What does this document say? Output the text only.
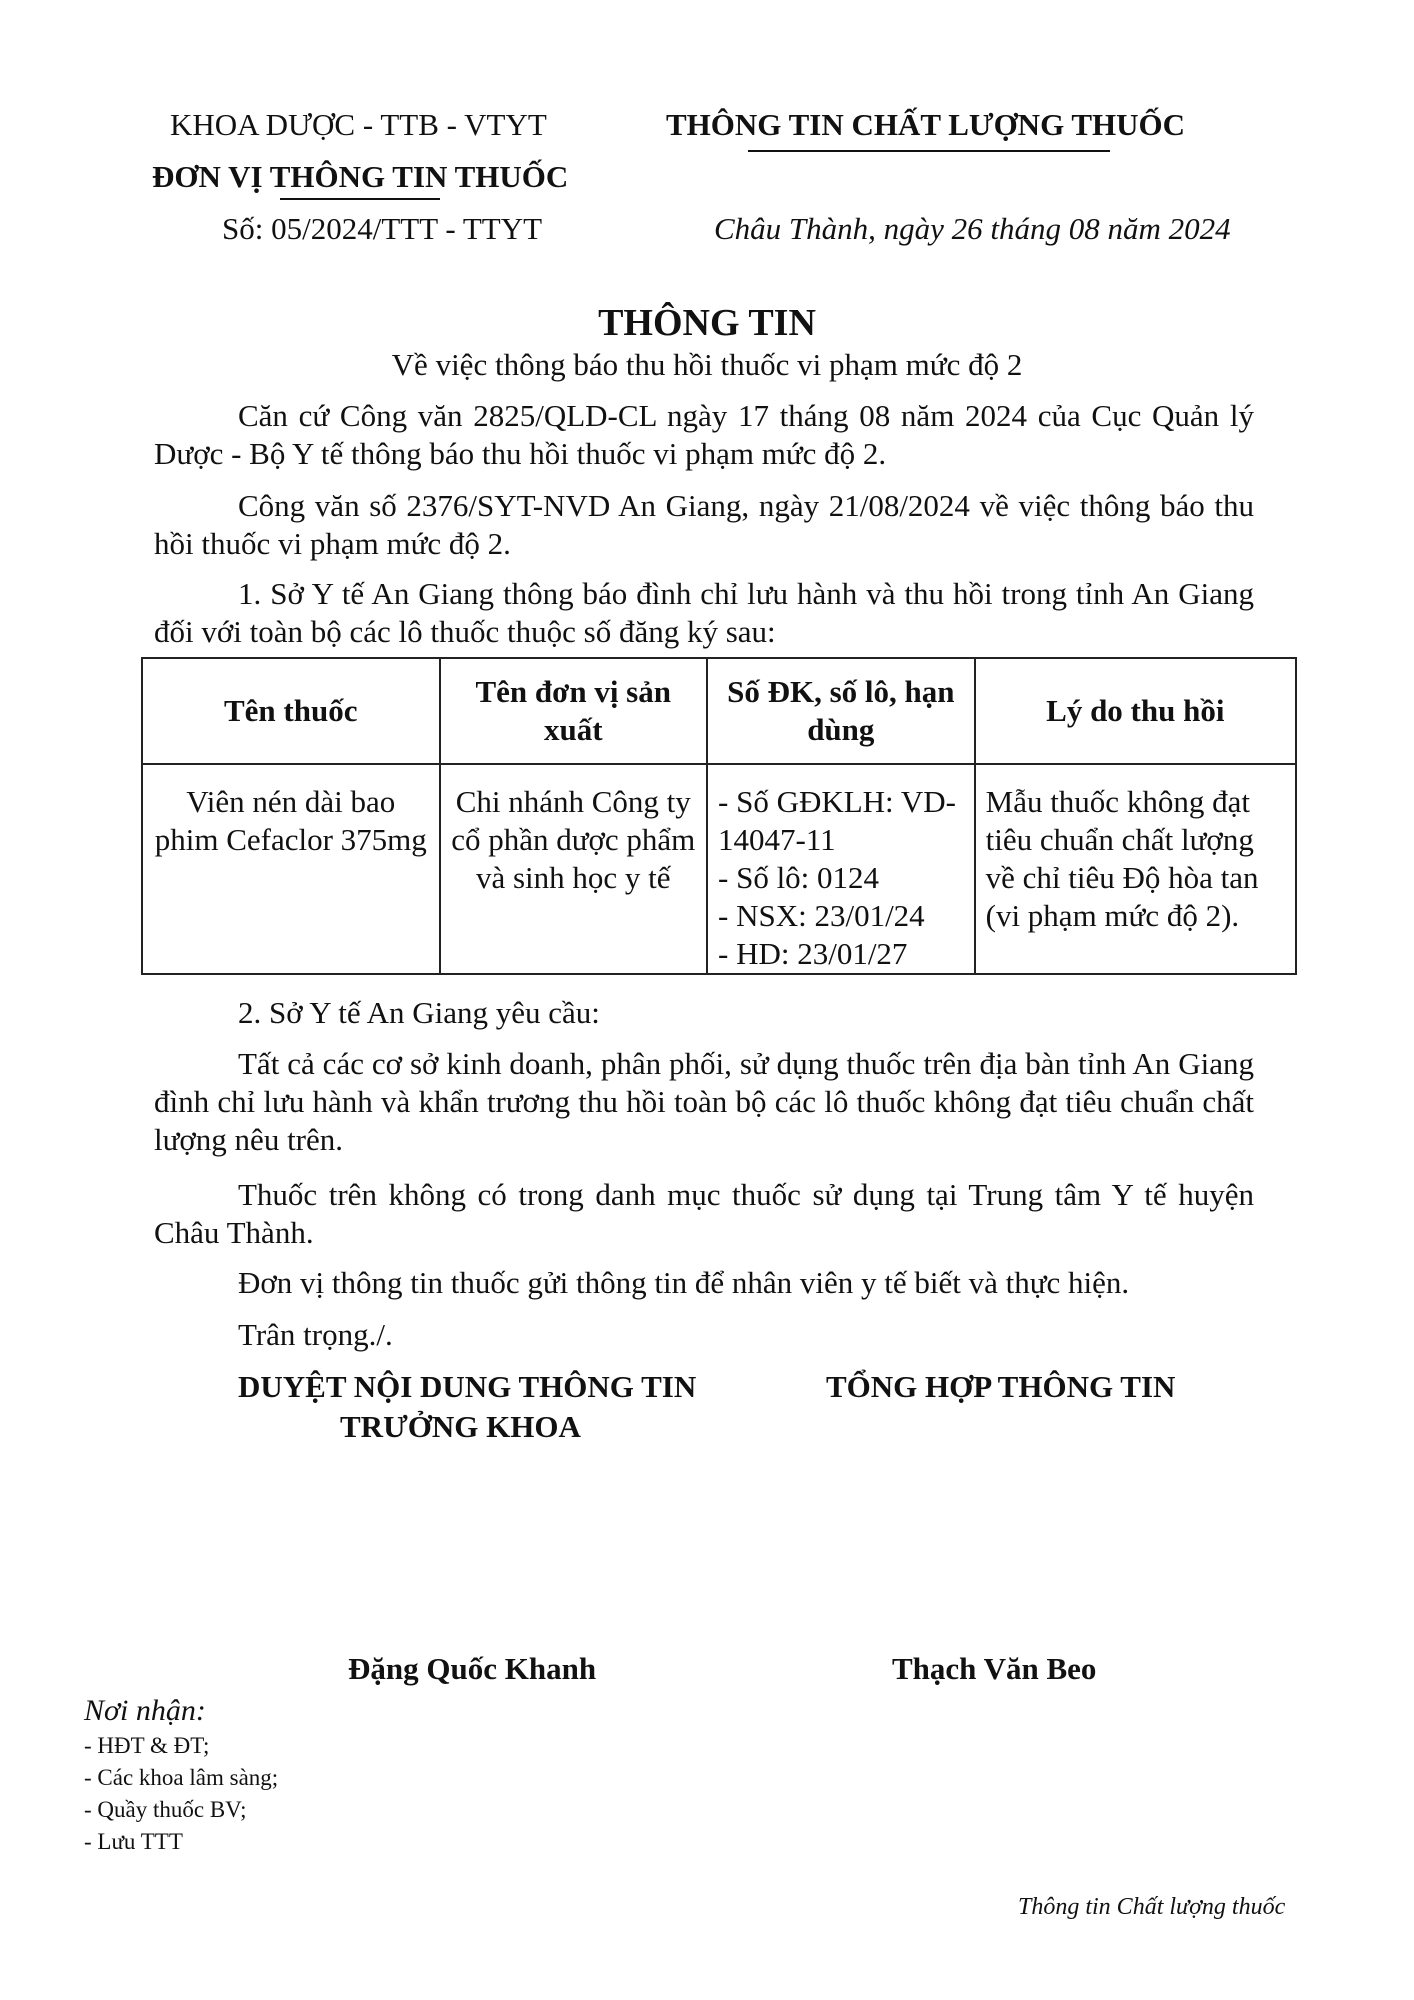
KHOA DƯỢC - TTB - VTYT
ĐƠN VỊ THÔNG TIN THUỐC
Số: 05/2024/TTT - TTYT
THÔNG TIN CHẤT LƯỢNG THUỐC
Châu Thành, ngày 26 tháng 08 năm 2024
THÔNG TIN
Về việc thông báo thu hồi thuốc vi phạm mức độ 2
Căn cứ Công văn 2825/QLD-CL ngày 17 tháng 08 năm 2024 của Cục Quản lý Dược - Bộ Y tế thông báo thu hồi thuốc vi phạm mức độ 2.
Công văn số 2376/SYT-NVD An Giang, ngày 21/08/2024 về việc thông báo thu hồi thuốc vi phạm mức độ 2.
1. Sở Y tế An Giang thông báo đình chỉ lưu hành và thu hồi trong tỉnh An Giang đối với toàn bộ các lô thuốc thuộc số đăng ký sau:
Tên thuốc	Tên đơn vị sản xuất	Số ĐK, số lô, hạn dùng	Lý do thu hồi
Viên nén dài bao phim Cefaclor 375mg	Chi nhánh Công ty cổ phần dược phẩm và sinh học y tế	- Số GĐKLH: VD-14047-11
- Số lô: 0124
- NSX: 23/01/24
- HD: 23/01/27	Mẫu thuốc không đạt tiêu chuẩn chất lượng về chỉ tiêu Độ hòa tan (vi phạm mức độ 2).
2. Sở Y tế An Giang yêu cầu:
Tất cả các cơ sở kinh doanh, phân phối, sử dụng thuốc trên địa bàn tỉnh An Giang đình chỉ lưu hành và khẩn trương thu hồi toàn bộ các lô thuốc không đạt tiêu chuẩn chất lượng nêu trên.
Thuốc trên không có trong danh mục thuốc sử dụng tại Trung tâm Y tế huyện Châu Thành.
Đơn vị thông tin thuốc gửi thông tin để nhân viên y tế biết và thực hiện.
Trân trọng./.
DUYỆT NỘI DUNG THÔNG TIN
TRƯỞNG KHOA
TỔNG HỢP THÔNG TIN
Đặng Quốc Khanh	Thạch Văn Beo
Nơi nhận:
- HĐT & ĐT;
- Các khoa lâm sàng;
- Quầy thuốc BV;
- Lưu TTT
Thông tin Chất lượng thuốc
